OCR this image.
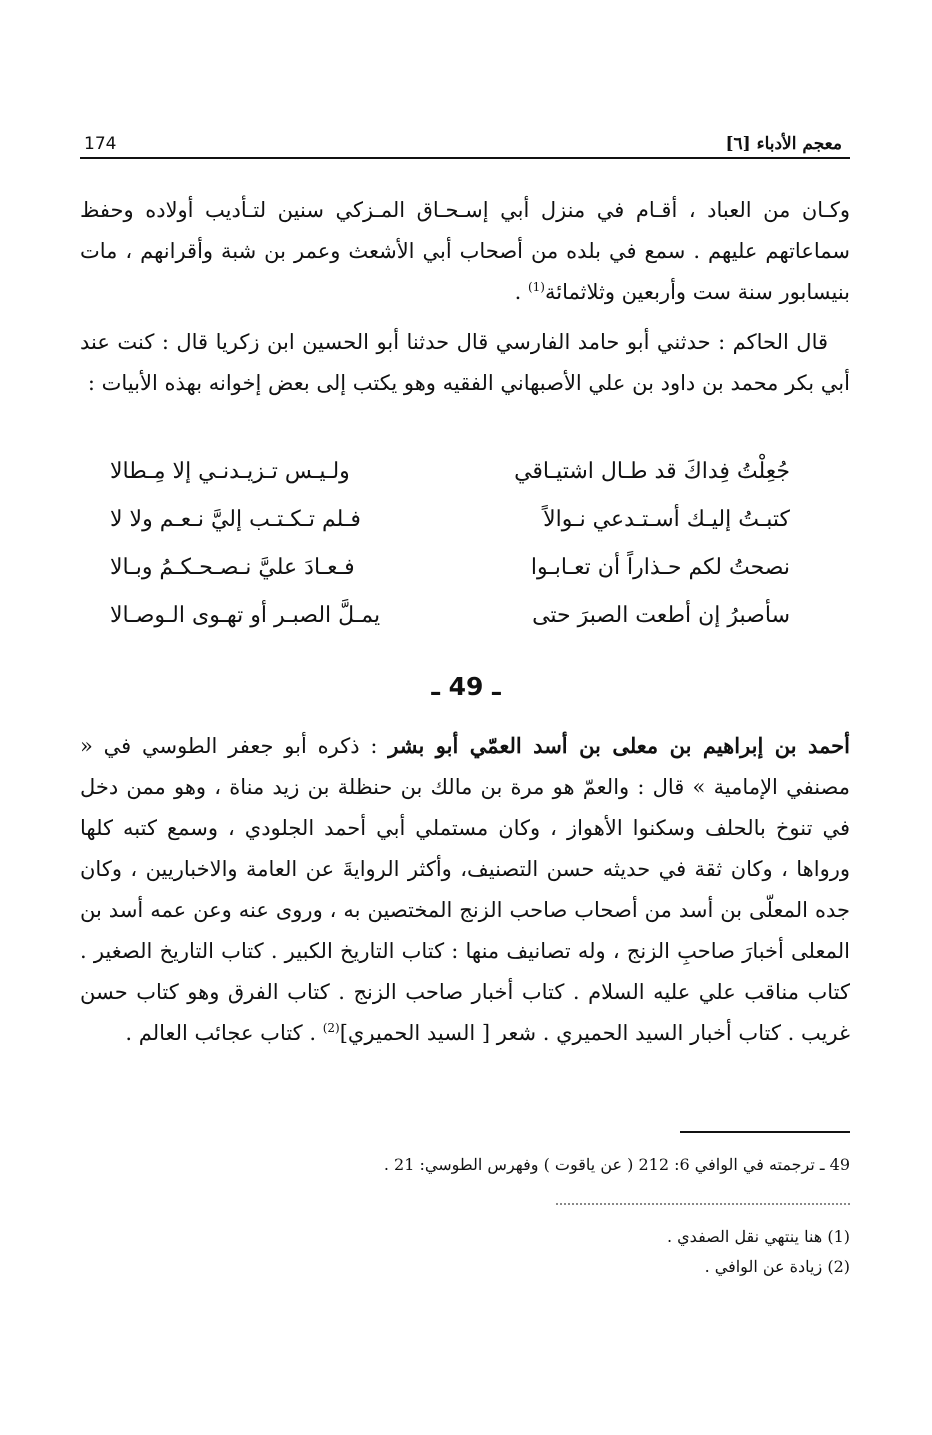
معجم الأدباء [٦]
174

وكـان من العباد ، أقـام في منزل أبي إسـحـاق المـزكي سنين لتـأديب أولاده وحفظ سماعاتهم عليهم . سمع في بلده من أصحاب أبي الأشعث وعمر بن شبة وأقرانهم ، مات بنيسابور سنة ست وأربعين وثلاثمائة$^{(1)}$ .

قال الحاكم : حدثني أبو حامد الفارسي قال حدثنا أبو الحسين ابن زكريا قال : كنت عند أبي بكر محمد بن داود بن علي الأصبهاني الفقيه وهو يكتب إلى بعض إخوانه بهذه الأبيات :

جُعِلْتُ فِداكَ قد طـال اشتيـاقي
ولـيـس تـزيـدنـي إلا مِـطالا
كتبـتُ إليـك أسـتـدعي نـوالاً
فـلم تـكـتـب إليَّ نـعـم ولا لا
نصحتُ لكم حـذاراً أن تعـابـوا
فـعـادَ عليَّ نـصـحـكـمُ وبـالا
سأصبرُ إن أطعت الصبرَ حتى
يمـلَّ الصبـر أو تهـوى الـوصـالا
ـ 49 ـ

أحمد بن إبراهيم بن معلى بن أسد العمّي أبو بشر : ذكره أبو جعفر الطوسي في « مصنفي الإمامية » قال : والعمّ هو مرة بن مالك بن حنظلة بن زيد مناة ، وهو ممن دخل في تنوخ بالحلف وسكنوا الأهواز ، وكان مستملي أبي أحمد الجلودي ، وسمع كتبه كلها ورواها ، وكان ثقة في حديثه حسن التصنيف، وأكثر الروايةَ عن العامة والاخباريين ، وكان جده المعلّى بن أسد من أصحاب صاحب الزنج المختصين به ، وروى عنه وعن عمه أسد بن المعلى أخبارَ صاحبِ الزنج ، وله تصانيف منها : كتاب التاريخ الكبير . كتاب التاريخ الصغير . كتاب مناقب علي عليه السلام . كتاب أخبار صاحب الزنج . كتاب الفرق وهو كتاب حسن غريب . كتاب أخبار السيد الحميري . شعر [ السيد الحميري]$^{(2)}$ . كتاب عجائب العالم .

49 ـ ترجمته في الوافي 6: 212 ( عن ياقوت ) وفهرس الطوسي: 21 .

(1) هنا ينتهي نقل الصفدي .

(2) زيادة عن الوافي .
